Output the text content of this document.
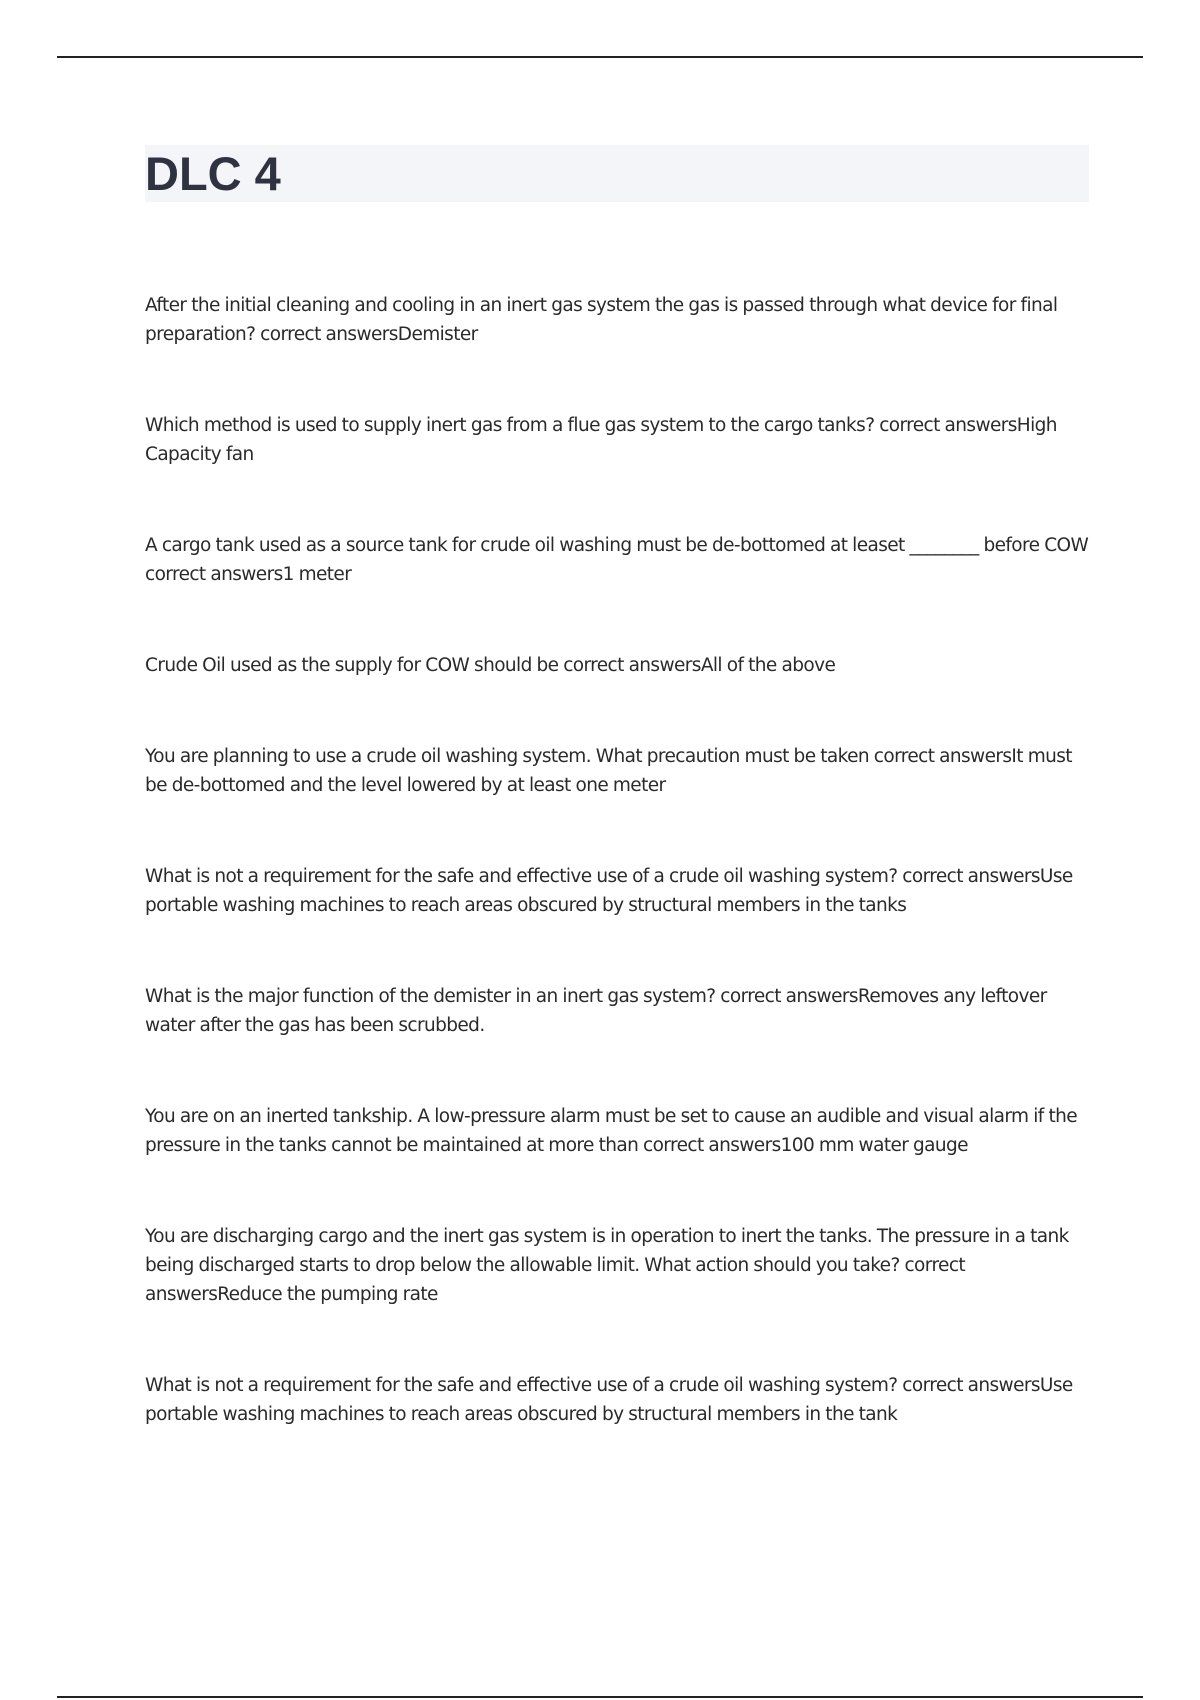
DLC 4

After the initial cleaning and cooling in an inert gas system the gas is passed through what device for final preparation? correct answersDemister

Which method is used to supply inert gas from a flue gas system to the cargo tanks? correct answersHigh Capacity fan

A cargo tank used as a source tank for crude oil washing must be de-bottomed at leaset ________ before COW correct answers1 meter

Crude Oil used as the supply for COW should be correct answersAll of the above

You are planning to use a crude oil washing system. What precaution must be taken correct answersIt must be de-bottomed and the level lowered by at least one meter

What is not a requirement for the safe and effective use of a crude oil washing system? correct answersUse portable washing machines to reach areas obscured by structural members in the tanks

What is the major function of the demister in an inert gas system? correct answersRemoves any leftover water after the gas has been scrubbed.

You are on an inerted tankship. A low-pressure alarm must be set to cause an audible and visual alarm if the pressure in the tanks cannot be maintained at more than correct answers100 mm water gauge

You are discharging cargo and the inert gas system is in operation to inert the tanks. The pressure in a tank being discharged starts to drop below the allowable limit. What action should you take? correct answersReduce the pumping rate

What is not a requirement for the safe and effective use of a crude oil washing system? correct answersUse portable washing machines to reach areas obscured by structural members in the tank
